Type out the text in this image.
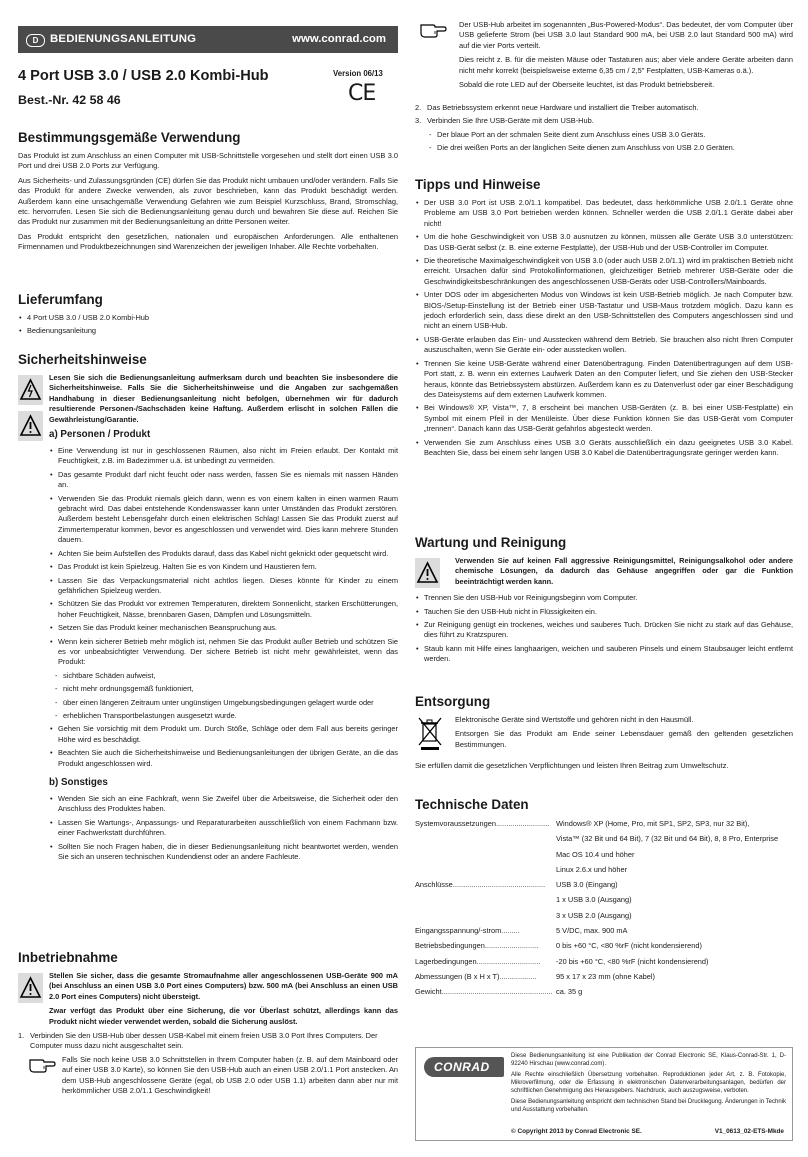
D	BEDIENUNGSANLEITUNG	www.conrad.com
4 Port USB 3.0 / USB 2.0 Kombi-Hub	Version 06/13
Best.-Nr. 42 58 46	CE
Bestimmungsgemäße Verwendung

Das Produkt ist zum Anschluss an einen Computer mit USB-Schnittstelle vorgesehen und stellt dort einen USB 3.0 Port und drei USB 2.0 Ports zur Verfügung.

Aus Sicherheits- und Zulassungsgründen (CE) dürfen Sie das Produkt nicht umbauen und/oder verändern. Falls Sie das Produkt für andere Zwecke verwenden, als zuvor beschrieben, kann das Produkt beschädigt werden. Außerdem kann eine unsachgemäße Verwendung Gefahren wie zum Beispiel Kurzschluss, Brand, Stromschlag, etc. hervorrufen. Lesen Sie sich die Bedienungsanleitung genau durch und bewahren Sie diese auf. Reichen Sie das Produkt nur zusammen mit der Bedienungsanleitung an dritte Personen weiter.

Das Produkt entspricht den gesetzlichen, nationalen und europäischen Anforderungen. Alle enthaltenen Firmennamen und Produktbezeichnungen sind Warenzeichen der jeweiligen Inhaber. Alle Rechte vorbehalten.

Lieferumfang
• 4 Port USB 3.0 / USB 2.0 Kombi-Hub
• Bedienungsanleitung
Sicherheitshinweise

Lesen Sie sich die Bedienungsanleitung aufmerksam durch und beachten Sie insbesondere die Sicherheitshinweise. Falls Sie die Sicherheitshinweise und die Angaben zur sachgemäßen Handhabung in dieser Bedienungsanleitung nicht befolgen, übernehmen wir für dadurch resultierende Personen-/Sachschäden keine Haftung. Außerdem erlischt in solchen Fällen die Gewährleistung/Garantie.

a) Personen / Produkt
• Eine Verwendung ist nur in geschlossenen Räumen, also nicht im Freien erlaubt. Der Kontakt mit Feuchtigkeit, z.B. im Badezimmer u.ä. ist unbedingt zu vermeiden.
• Das gesamte Produkt darf nicht feucht oder nass werden, fassen Sie es niemals mit nassen Händen an.
• Verwenden Sie das Produkt niemals gleich dann, wenn es von einem kalten in einen warmen Raum gebracht wird. Das dabei entstehende Kondenswasser kann unter Umständen das Produkt zerstören. Außerdem besteht Lebensgefahr durch einen elektrischen Schlag! Lassen Sie das Produkt zuerst auf Zimmertemperatur kommen, bevor es angeschlossen und verwendet wird. Dies kann mehrere Stunden dauern.
• Achten Sie beim Aufstellen des Produkts darauf, dass das Kabel nicht geknickt oder gequetscht wird.
• Das Produkt ist kein Spielzeug. Halten Sie es von Kindern und Haustieren fern.
• Lassen Sie das Verpackungsmaterial nicht achtlos liegen. Dieses könnte für Kinder zu einem gefährlichen Spielzeug werden.
• Schützen Sie das Produkt vor extremen Temperaturen, direktem Sonnenlicht, starken Erschütterungen, hoher Feuchtigkeit, Nässe, brennbaren Gasen, Dämpfen und Lösungsmitteln.
• Setzen Sie das Produkt keiner mechanischen Beanspruchung aus.
• Wenn kein sicherer Betrieb mehr möglich ist, nehmen Sie das Produkt außer Betrieb und schützen Sie es vor unbeabsichtigter Verwendung. Der sichere Betrieb ist nicht mehr gewährleistet, wenn das Produkt:
- sichtbare Schäden aufweist,
- nicht mehr ordnungsgemäß funktioniert,
- über einen längeren Zeitraum unter ungünstigen Umgebungsbedingungen gelagert wurde oder
- erheblichen Transportbelastungen ausgesetzt wurde.
• Gehen Sie vorsichtig mit dem Produkt um. Durch Stöße, Schläge oder dem Fall aus bereits geringer Höhe wird es beschädigt.
• Beachten Sie auch die Sicherheitshinweise und Bedienungsanleitungen der übrigen Geräte, an die das Produkt angeschlossen wird.
b) Sonstiges
• Wenden Sie sich an eine Fachkraft, wenn Sie Zweifel über die Arbeitsweise, die Sicherheit oder den Anschluss des Produktes haben.
• Lassen Sie Wartungs-, Anpassungs- und Reparaturarbeiten ausschließlich von einem Fachmann bzw. einer Fachwerkstatt durchführen.
• Sollten Sie noch Fragen haben, die in dieser Bedienungsanleitung nicht beantwortet werden, wenden Sie sich an unseren technischen Kundendienst oder an andere Fachleute.
Inbetriebnahme

Stellen Sie sicher, dass die gesamte Stromaufnahme aller angeschlossenen USB-Geräte 900 mA (bei Anschluss an einen USB 3.0 Port eines Computers) bzw. 500 mA (bei Anschluss an einen USB 2.0 Port eines Computers) nicht übersteigt.

Zwar verfügt das Produkt über eine Sicherung, die vor Überlast schützt, allerdings kann das Produkt nicht wieder verwendet werden, sobald die Sicherung auslöst.

1. Verbinden Sie den USB-Hub über dessen USB-Kabel mit einem freien USB 3.0 Port Ihres Computers. Der Computer muss dazu nicht ausgeschaltet sein.

Falls Sie noch keine USB 3.0 Schnittstellen in Ihrem Computer haben (z. B. auf dem Mainboard oder auf einer USB 3.0 Karte), so können Sie den USB-Hub auch an einen USB 2.0/1.1 Port anstecken. An dem USB-Hub angeschlossene Geräte (egal, ob USB 2.0 oder USB 1.1) arbeiten dann aber nur mit herkömmlicher USB 2.0/1.1 Geschwindigkeit!

Der USB-Hub arbeitet im sogenannten „Bus-Powered-Modus“. Das bedeutet, der vom Computer über USB gelieferte Strom (bei USB 3.0 laut Standard 900 mA, bei USB 2.0 laut Standard 500 mA) wird auf die vier Ports verteilt.

Dies reicht z. B. für die meisten Mäuse oder Tastaturen aus; aber viele andere Geräte arbeiten dann nicht mehr korrekt (beispielsweise externe 6,35 cm / 2,5" Festplatten, USB-Kameras o.ä.).

Sobald die rote LED auf der Oberseite leuchtet, ist das Produkt betriebsbereit.

2. Das Betriebssystem erkennt neue Hardware und installiert die Treiber automatisch.
3. Verbinden Sie Ihre USB-Geräte mit dem USB-Hub.
- Der blaue Port an der schmalen Seite dient zum Anschluss eines USB 3.0 Geräts.
- Die drei weißen Ports an der länglichen Seite dienen zum Anschluss von USB 2.0 Geräten.
Tipps und Hinweise
• Der USB 3.0 Port ist USB 2.0/1.1 kompatibel. Das bedeutet, dass herkömmliche USB 2.0/1.1 Geräte ohne Probleme am USB 3.0 Port betrieben werden können. Schneller werden die USB 2.0/1.1 Geräte dabei aber nicht!
• Um die hohe Geschwindigkeit von USB 3.0 ausnutzen zu können, müssen alle Geräte USB 3.0 unterstützen: Das USB-Gerät selbst (z. B. eine externe Festplatte), der USB-Hub und der USB-Controller im Computer.
• Die theoretische Maximalgeschwindigkeit von USB 3.0 (oder auch USB 2.0/1.1) wird im praktischen Betrieb nicht erreicht. Ursachen dafür sind Protokollinformationen, gleichzeitiger Betrieb mehrerer USB-Geräte oder die Geschwindigkeitsbeschränkungen des angeschlossenen USB-Geräts oder USB-Controllers/Mainboards.
• Unter DOS oder im abgesicherten Modus von Windows ist kein USB-Betrieb möglich. Je nach Computer bzw. BIOS-/Setup-Einstellung ist der Betrieb einer USB-Tastatur und USB-Maus trotzdem möglich. Dazu kann es jedoch erforderlich sein, dass diese direkt an den USB-Schnittstellen des Computers angeschlossen sind und nicht an einem USB-Hub.
• USB-Geräte erlauben das Ein- und Ausstecken während dem Betrieb. Sie brauchen also nicht Ihren Computer auszuschalten, wenn Sie Geräte ein- oder ausstecken wollen.
• Trennen Sie keine USB-Geräte während einer Datenübertragung. Finden Datenübertragungen auf dem USB-Port statt, z. B. wenn ein externes Laufwerk Daten an den Computer liefert, und Sie ziehen den USB-Stecker heraus, könnte das Betriebssystem abstürzen. Außerdem kann es zu Datenverlust oder gar einer Beschädigung des Dateisystems auf dem externen Laufwerk kommen.
• Bei Windows® XP, Vista™, 7, 8 erscheint bei manchen USB-Geräten (z. B. bei einer USB-Festplatte) ein Symbol mit einem Pfeil in der Menüleiste. Über diese Funktion können Sie das USB-Gerät vom Computer „trennen“. Danach kann das USB-Gerät gefahrlos abgesteckt werden.
• Verwenden Sie zum Anschluss eines USB 3.0 Geräts ausschließlich ein dazu geeignetes USB 3.0 Kabel. Beachten Sie, dass bei einem sehr langen USB 3.0 Kabel die Datenübertragungsrate geringer werden kann.
Wartung und Reinigung

Verwenden Sie auf keinen Fall aggressive Reinigungsmittel, Reinigungsalkohol oder andere chemische Lösungen, da dadurch das Gehäuse angegriffen oder gar die Funktion beeinträchtigt werden kann.

• Trennen Sie den USB-Hub vor Reinigungsbeginn vom Computer.
• Tauchen Sie den USB-Hub nicht in Flüssigkeiten ein.
• Zur Reinigung genügt ein trockenes, weiches und sauberes Tuch. Drücken Sie nicht zu stark auf das Gehäuse, dies führt zu Kratzspuren.
• Staub kann mit Hilfe eines langhaarigen, weichen und sauberen Pinsels und einem Staubsauger leicht entfernt werden.
Entsorgung

Elektronische Geräte sind Wertstoffe und gehören nicht in den Hausmüll.

Entsorgen Sie das Produkt am Ende seiner Lebensdauer gemäß den geltenden gesetzlichen Bestimmungen.

Sie erfüllen damit die gesetzlichen Verpflichtungen und leisten Ihren Beitrag zum Umweltschutz.

Technische Daten
Systemvoraussetzungen..........................	Windows® XP (Home, Pro, mit SP1, SP2, SP3, nur 32 Bit),
	Vista™ (32 Bit und 64 Bit), 7 (32 Bit und 64 Bit), 8, 8 Pro, Enterprise
	Mac OS 10.4 und höher
	Linux 2.6.x und höher
Anschlüsse.............................................	USB 3.0 (Eingang)
	1 x USB 3.0 (Ausgang)
	3 x USB 2.0 (Ausgang)
Eingangsspannung/-strom.........	5 V/DC, max. 900 mA
Betriebsbedingungen..........................	0 bis +60 °C, <80 %rF (nicht kondensierend)
Lagerbedingungen...............................	-20 bis +60 °C, <80 %rF (nicht kondensierend)
Abmessungen (B x H x T)..................	95 x 17 x 23 mm (ohne Kabel)
Gewicht......................................................	ca. 35 g
CONRAD

Diese Bedienungsanleitung ist eine Publikation der Conrad Electronic SE, Klaus-Conrad-Str. 1, D-92240 Hirschau (www.conrad.com).

Alle Rechte einschließlich Übersetzung vorbehalten. Reproduktionen jeder Art, z. B. Fotokopie, Mikroverfilmung, oder die Erfassung in elektronischen Datenverarbeitungsanlagen, bedürfen der schriftlichen Genehmigung des Herausgebers. Nachdruck, auch auszugsweise, verboten.

Diese Bedienungsanleitung entspricht dem technischen Stand bei Drucklegung. Änderungen in Technik und Ausstattung vorbehalten.

© Copyright 2013 by Conrad Electronic SE.	V1_0613_02-ETS-Mkde
